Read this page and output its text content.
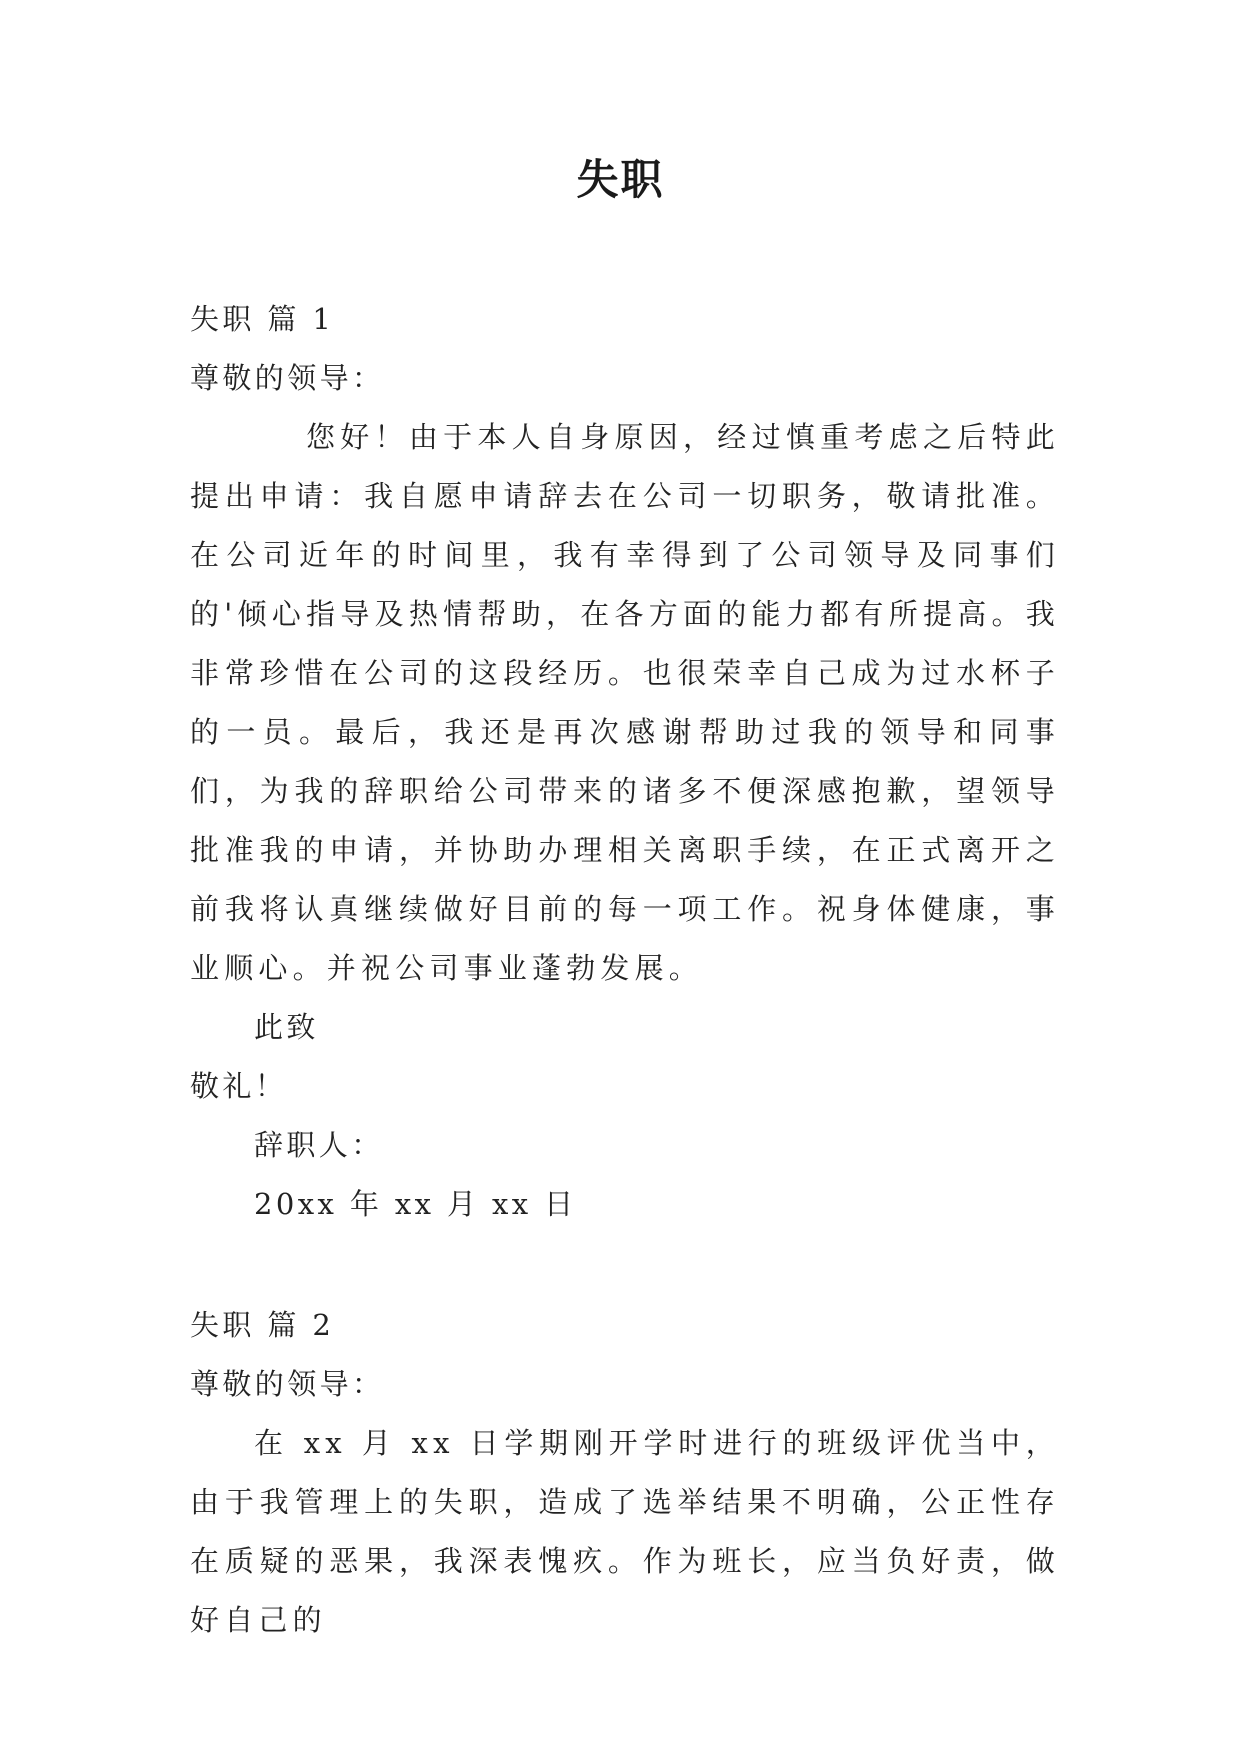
失职
失职 篇 1
尊敬的领导：
您好！由于本人自身原因，经过慎重考虑之后特此提出申请：我自愿申请辞去在公司一切职务，敬请批准。在公司近年的时间里，我有幸得到了公司领导及同事们的'倾心指导及热情帮助，在各方面的能力都有所提高。我非常珍惜在公司的这段经历。也很荣幸自己成为过水杯子的一员。最后，我还是再次感谢帮助过我的领导和同事们，为我的辞职给公司带来的诸多不便深感抱歉，望领导批准我的申请，并协助办理相关离职手续，在正式离开之前我将认真继续做好目前的每一项工作。祝身体健康，事业顺心。并祝公司事业蓬勃发展。
此致
敬礼！
辞职人：
20xx 年 xx 月 xx 日
失职 篇 2
尊敬的领导：
在 xx 月 xx 日学期刚开学时进行的班级评优当中，由于我管理上的失职，造成了选举结果不明确，公正性存在质疑的恶果，我深表愧疚。作为班长，应当负好责，做好自己的
